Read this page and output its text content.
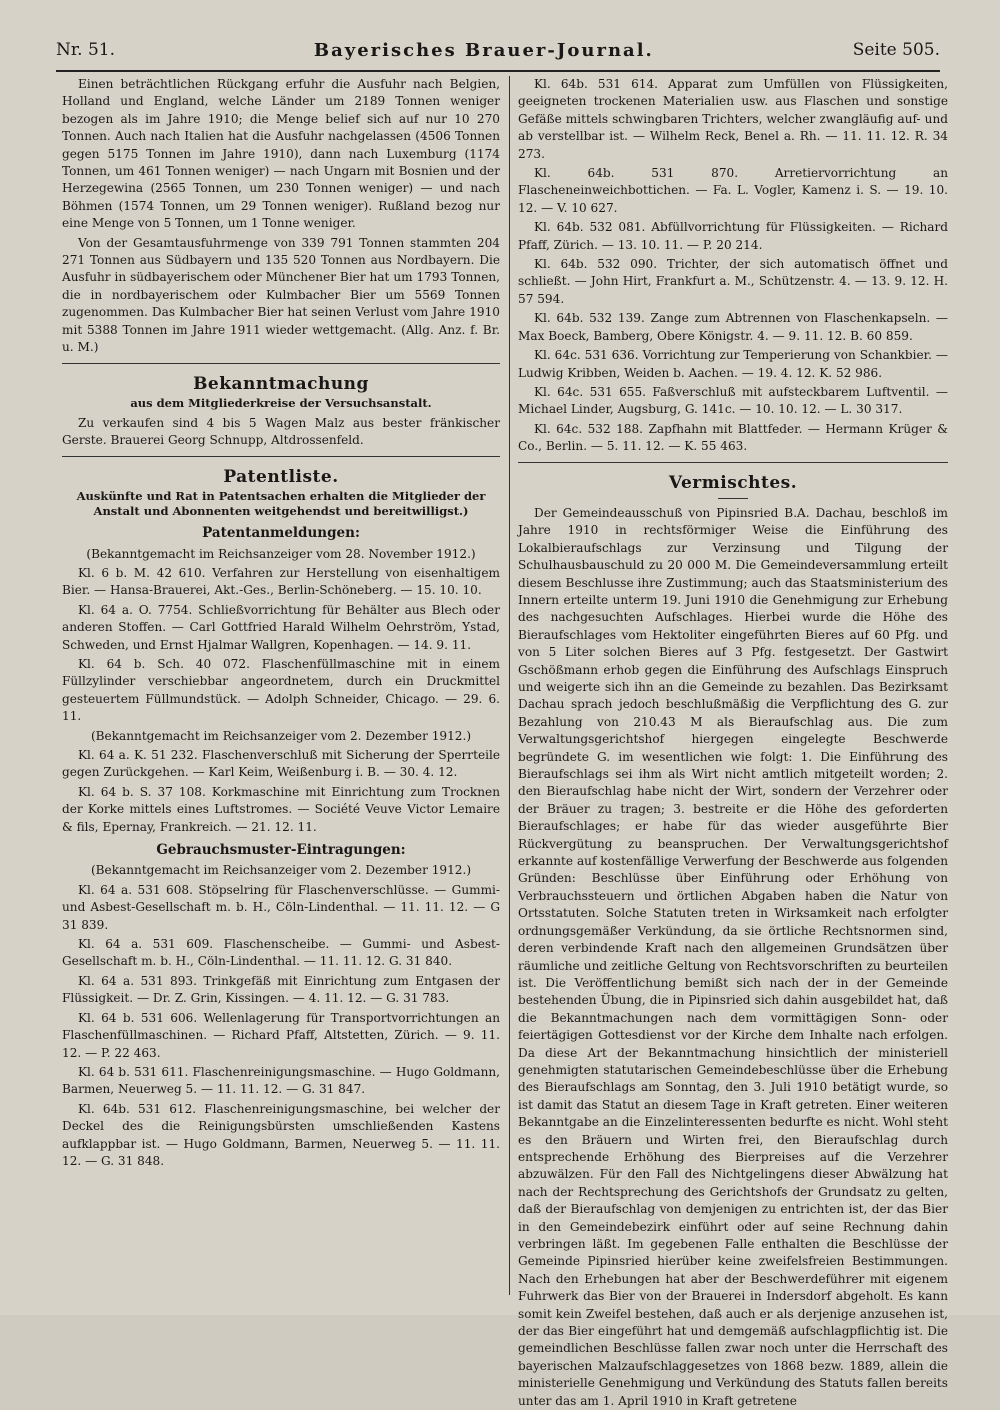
Nr. 51.	Bayerisches Brauer-Journal.	Seite 505.

Einen beträchtlichen Rückgang erfuhr die Ausfuhr nach Belgien, Holland und England, welche Länder um 2189 Tonnen weniger bezogen als im Jahre 1910; die Menge belief sich auf nur 10 270 Tonnen. Auch nach Italien hat die Ausfuhr nachgelassen (4506 Tonnen gegen 5175 Tonnen im Jahre 1910), dann nach Luxemburg (1174 Tonnen, um 461 Tonnen weniger) — nach Ungarn mit Bosnien und der Herzegewina (2565 Tonnen, um 230 Tonnen weniger) — und nach Böhmen (1574 Tonnen, um 29 Tonnen weniger). Rußland bezog nur eine Menge von 5 Tonnen, um 1 Tonne weniger.

Von der Gesamtausfuhrmenge von 339 791 Tonnen stammten 204 271 Tonnen aus Südbayern und 135 520 Tonnen aus Nordbayern. Die Ausfuhr in südbayerischem oder Münchener Bier hat um 1793 Tonnen, die in nordbayerischem oder Kulmbacher Bier um 5569 Tonnen zugenommen. Das Kulmbacher Bier hat seinen Verlust vom Jahre 1910 mit 5388 Tonnen im Jahre 1911 wieder wettgemacht. (Allg. Anz. f. Br. u. M.)

Bekanntmachung
aus dem Mitgliederkreise der Versuchsanstalt.

Zu verkaufen sind 4 bis 5 Wagen Malz aus bester fränkischer Gerste. Brauerei Georg Schnupp, Altdrossenfeld.

Patentliste.
Auskünfte und Rat in Patentsachen erhalten die Mitglieder der Anstalt und Abonnenten weitgehendst und bereitwilligst.)
Patentanmeldungen:

(Bekanntgemacht im Reichsanzeiger vom 28. November 1912.)

Kl. 6 b. M. 42 610. Verfahren zur Herstellung von eisenhaltigem Bier. — Hansa-Brauerei, Akt.-Ges., Berlin-Schöneberg. — 15. 10. 10.

Kl. 64 a. O. 7754. Schließvorrichtung für Behälter aus Blech oder anderen Stoffen. — Carl Gottfried Harald Wilhelm Oehrström, Ystad, Schweden, und Ernst Hjalmar Wallgren, Kopenhagen. — 14. 9. 11.

Kl. 64 b. Sch. 40 072. Flaschenfüllmaschine mit in einem Füllzylinder verschiebbar angeordnetem, durch ein Druckmittel gesteuertem Füllmundstück. — Adolph Schneider, Chicago. — 29. 6. 11.

(Bekanntgemacht im Reichsanzeiger vom 2. Dezember 1912.)

Kl. 64 a. K. 51 232. Flaschenverschluß mit Sicherung der Sperrteile gegen Zurückgehen. — Karl Keim, Weißenburg i. B. — 30. 4. 12.

Kl. 64 b. S. 37 108. Korkmaschine mit Einrichtung zum Trocknen der Korke mittels eines Luftstromes. — Société Veuve Victor Lemaire & fils, Epernay, Frankreich. — 21. 12. 11.

Gebrauchsmuster-Eintragungen:

(Bekanntgemacht im Reichsanzeiger vom 2. Dezember 1912.)

Kl. 64 a. 531 608. Stöpselring für Flaschenverschlüsse. — Gummi- und Asbest-Gesellschaft m. b. H., Cöln-Lindenthal. — 11. 11. 12. — G 31 839.

Kl. 64 a. 531 609. Flaschenscheibe. — Gummi- und Asbest-Gesellschaft m. b. H., Cöln-Lindenthal. — 11. 11. 12. G. 31 840.

Kl. 64 a. 531 893. Trinkgefäß mit Einrichtung zum Entgasen der Flüssigkeit. — Dr. Z. Grin, Kissingen. — 4. 11. 12. — G. 31 783.

Kl. 64 b. 531 606. Wellenlagerung für Transportvorrichtungen an Flaschenfüllmaschinen. — Richard Pfaff, Altstetten, Zürich. — 9. 11. 12. — P. 22 463.

Kl. 64 b. 531 611. Flaschenreinigungsmaschine. — Hugo Goldmann, Barmen, Neuerweg 5. — 11. 11. 12. — G. 31 847.

Kl. 64b. 531 612. Flaschenreinigungsmaschine, bei welcher der Deckel des die Reinigungsbürsten umschließenden Kastens aufklappbar ist. — Hugo Goldmann, Barmen, Neuerweg 5. — 11. 11. 12. — G. 31 848.

Kl. 64b. 531 614. Apparat zum Umfüllen von Flüssigkeiten, geeigneten trockenen Materialien usw. aus Flaschen und sonstige Gefäße mittels schwingbaren Trichters, welcher zwangläufig auf- und ab verstellbar ist. — Wilhelm Reck, Benel a. Rh. — 11. 11. 12. R. 34 273.

Kl. 64b. 531 870. Arretiervorrichtung an Flascheneinweichbottichen. — Fa. L. Vogler, Kamenz i. S. — 19. 10. 12. — V. 10 627.

Kl. 64b. 532 081. Abfüllvorrichtung für Flüssigkeiten. — Richard Pfaff, Zürich. — 13. 10. 11. — P. 20 214.

Kl. 64b. 532 090. Trichter, der sich automatisch öffnet und schließt. — John Hirt, Frankfurt a. M., Schützenstr. 4. — 13. 9. 12. H. 57 594.

Kl. 64b. 532 139. Zange zum Abtrennen von Flaschenkapseln. — Max Boeck, Bamberg, Obere Königstr. 4. — 9. 11. 12. B. 60 859.

Kl. 64c. 531 636. Vorrichtung zur Temperierung von Schankbier. — Ludwig Kribben, Weiden b. Aachen. — 19. 4. 12. K. 52 986.

Kl. 64c. 531 655. Faßverschluß mit aufsteckbarem Luftventil. — Michael Linder, Augsburg, G. 141c. — 10. 10. 12. — L. 30 317.

Kl. 64c. 532 188. Zapfhahn mit Blattfeder. — Hermann Krüger & Co., Berlin. — 5. 11. 12. — K. 55 463.

Vermischtes.

Der Gemeindeausschuß von Pipinsried B.A. Dachau, beschloß im Jahre 1910 in rechtsförmiger Weise die Einführung des Lokalbieraufschlags zur Verzinsung und Tilgung der Schulhausbauschuld zu 20 000 M. Die Gemeindeversammlung erteilt diesem Beschlusse ihre Zustimmung; auch das Staatsministerium des Innern erteilte unterm 19. Juni 1910 die Genehmigung zur Erhebung des nachgesuchten Aufschlages. Hierbei wurde die Höhe des Bieraufschlages vom Hektoliter eingeführten Bieres auf 60 Pfg. und von 5 Liter solchen Bieres auf 3 Pfg. festgesetzt. Der Gastwirt Gschößmann erhob gegen die Einführung des Aufschlags Einspruch und weigerte sich ihn an die Gemeinde zu bezahlen. Das Bezirksamt Dachau sprach jedoch beschlußmäßig die Verpflichtung des G. zur Bezahlung von 210.43 M als Bieraufschlag aus. Die zum Verwaltungsgerichtshof hiergegen eingelegte Beschwerde begründete G. im wesentlichen wie folgt: 1. Die Einführung des Bieraufschlags sei ihm als Wirt nicht amtlich mitgeteilt worden; 2. den Bieraufschlag habe nicht der Wirt, sondern der Verzehrer oder der Bräuer zu tragen; 3. bestreite er die Höhe des geforderten Bieraufschlages; er habe für das wieder ausgeführte Bier Rückvergütung zu beanspruchen. Der Verwaltungsgerichtshof erkannte auf kostenfällige Verwerfung der Beschwerde aus folgenden Gründen: Beschlüsse über Einführung oder Erhöhung von Verbrauchssteuern und örtlichen Abgaben haben die Natur von Ortsstatuten. Solche Statuten treten in Wirksamkeit nach erfolgter ordnungsgemäßer Verkündung, da sie örtliche Rechtsnormen sind, deren verbindende Kraft nach den allgemeinen Grundsätzen über räumliche und zeitliche Geltung von Rechtsvorschriften zu beurteilen ist. Die Veröffentlichung bemißt sich nach der in der Gemeinde bestehenden Übung, die in Pipinsried sich dahin ausgebildet hat, daß die Bekanntmachungen nach dem vormittägigen Sonn- oder feiertägigen Gottesdienst vor der Kirche dem Inhalte nach erfolgen. Da diese Art der Bekanntmachung hinsichtlich der ministeriell genehmigten statutarischen Gemeindebeschlüsse über die Erhebung des Bieraufschlags am Sonntag, den 3. Juli 1910 betätigt wurde, so ist damit das Statut an diesem Tage in Kraft getreten. Einer weiteren Bekanntgabe an die Einzelinteressenten bedurfte es nicht. Wohl steht es den Bräuern und Wirten frei, den Bieraufschlag durch entsprechende Erhöhung des Bierpreises auf die Verzehrer abzuwälzen. Für den Fall des Nichtgelingens dieser Abwälzung hat nach der Rechtsprechung des Gerichtshofs der Grundsatz zu gelten, daß der Bieraufschlag von demjenigen zu entrichten ist, der das Bier in den Gemeindebezirk einführt oder auf seine Rechnung dahin verbringen läßt. Im gegebenen Falle enthalten die Beschlüsse der Gemeinde Pipinsried hierüber keine zweifelsfreien Bestimmungen. Nach den Erhebungen hat aber der Beschwerdeführer mit eigenem Fuhrwerk das Bier von der Brauerei in Indersdorf abgeholt. Es kann somit kein Zweifel bestehen, daß auch er als derjenige anzusehen ist, der das Bier eingeführt hat und demgemäß aufschlagpflichtig ist. Die gemeindlichen Beschlüsse fallen zwar noch unter die Herrschaft des bayerischen Malzaufschlaggesetzes von 1868 bezw. 1889, allein die ministerielle Genehmigung und Verkündung des Statuts fallen bereits unter das am 1. April 1910 in Kraft getretene
